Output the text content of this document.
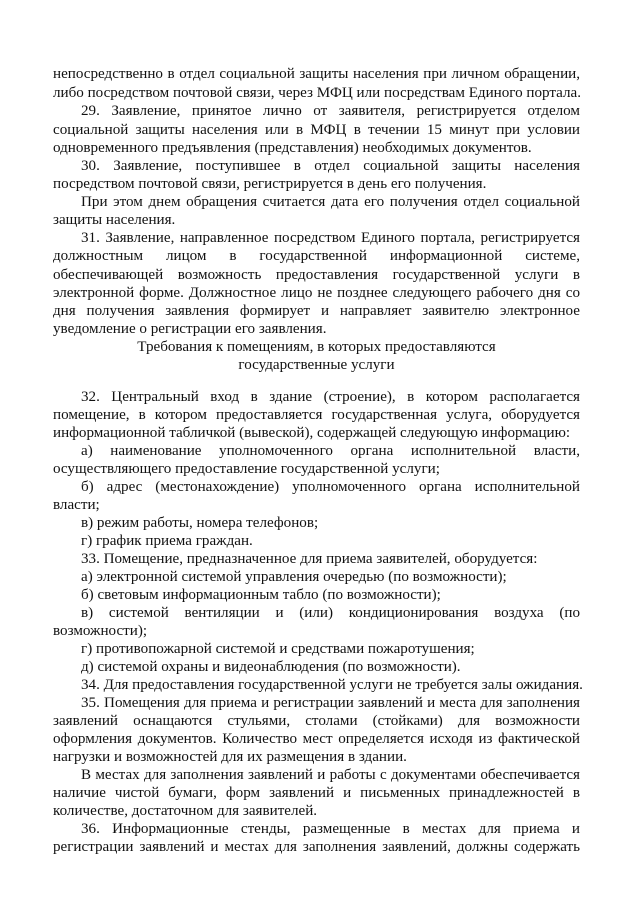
непосредственно в отдел социальной защиты населения при личном обращении,
либо посредством почтовой связи, через МФЦ или посредствам Единого портала.
29. Заявление, принятое лично от заявителя, регистрируется отделом
социальной защиты населения или в МФЦ в течении 15 минут при условии
одновременного предъявления (представления) необходимых документов.
30. Заявление, поступившее в отдел социальной защиты населения
посредством почтовой связи, регистрируется в день его получения.
При этом днем обращения считается дата его получения отдел социальной
защиты населения.
31. Заявление, направленное посредством Единого портала, регистрируется
должностным лицом в государственной информационной системе,
обеспечивающей возможность предоставления государственной услуги в
электронной форме. Должностное лицо не позднее следующего рабочего дня со
дня получения заявления формирует и направляет заявителю электронное
уведомление о регистрации его заявления.
Требования к помещениям, в которых предоставляются
государственные услуги
32. Центральный вход в здание (строение), в котором располагается
помещение, в котором предоставляется государственная услуга, оборудуется
информационной табличкой (вывеской), содержащей следующую информацию:
а) наименование уполномоченного органа исполнительной власти,
осуществляющего предоставление государственной услуги;
б) адрес (местонахождение) уполномоченного органа исполнительной
власти;
в) режим работы, номера телефонов;
г) график приема граждан.
33. Помещение, предназначенное для приема заявителей, оборудуется:
а) электронной системой управления очередью (по возможности);
б) световым информационным табло (по возможности);
в) системой вентиляции и (или) кондиционирования воздуха (по
возможности);
г) противопожарной системой и средствами пожаротушения;
д) системой охраны и видеонаблюдения (по возможности).
34. Для предоставления государственной услуги не требуется залы ожидания.
35. Помещения для приема и регистрации заявлений и места для заполнения
заявлений оснащаются стульями, столами (стойками) для возможности
оформления документов. Количество мест определяется исходя из фактической
нагрузки и возможностей для их размещения в здании.
В местах для заполнения заявлений и работы с документами обеспечивается
наличие чистой бумаги, форм заявлений и письменных принадлежностей в
количестве, достаточном для заявителей.
36. Информационные стенды, размещенные в местах для приема и
регистрации заявлений и местах для заполнения заявлений, должны содержать
